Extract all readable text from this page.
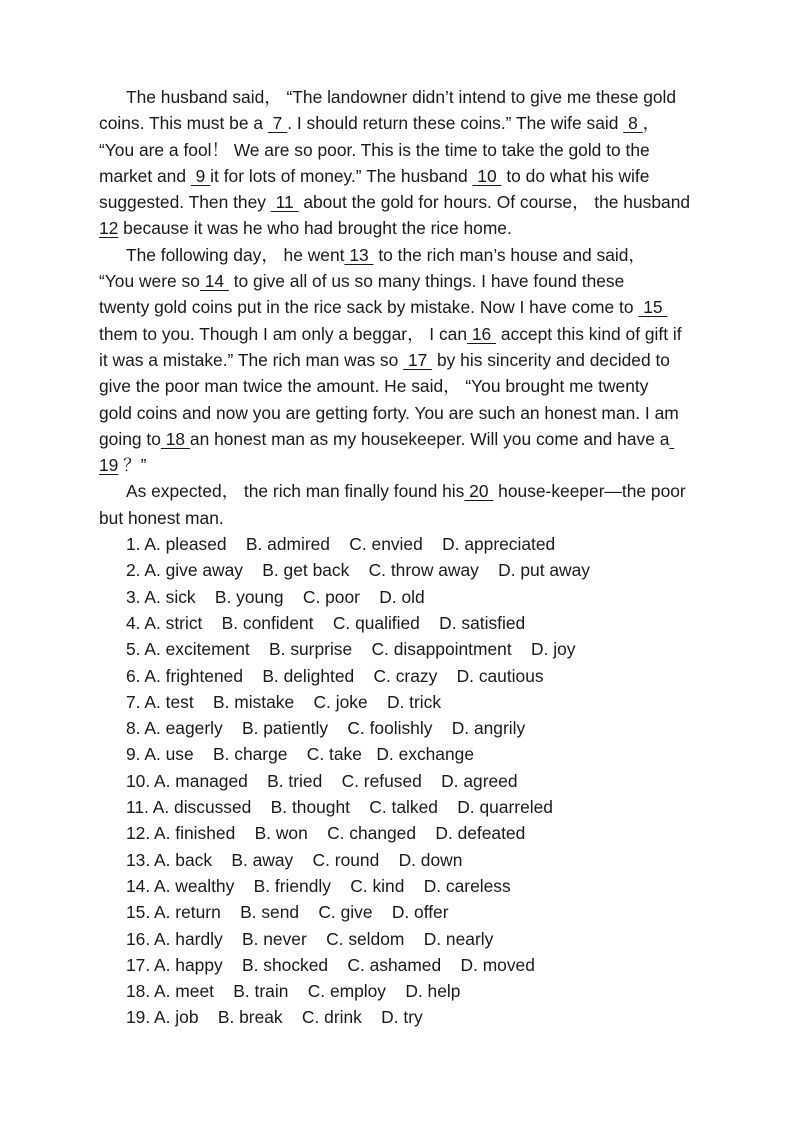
The husband said， “The landowner didn’t intend to give me these gold
coins. This must be a  7 . I should return these coins.” The wife said  8 ，
“You are a fool！ We are so poor. This is the time to take the gold to the
market and  9 it for lots of money.” The husband  10  to do what his wife
suggested. Then they  11  about the gold for hours. Of course， the husband
12 because it was he who had brought the rice home.
The following day， he went 13  to the rich man’s house and said，
“You were so 14  to give all of us so many things. I have found these
twenty gold coins put in the rice sack by mistake. Now I have come to  15
them to you. Though I am only a beggar， I can 16  accept this kind of gift if
it was a mistake.” The rich man was so  17  by his sincerity and decided to
give the poor man twice the amount. He said， “You brought me twenty
gold coins and now you are getting forty. You are such an honest man. I am
going to 18 an honest man as my housekeeper. Will you come and have a
19 ？”
As expected， the rich man finally found his 20  house-keeper—the poor
but honest man.
1. A. pleased    B. admired    C. envied    D. appreciated
2. A. give away    B. get back    C. throw away    D. put away
3. A. sick    B. young    C. poor    D. old
4. A. strict    B. confident    C. qualified    D. satisfied
5. A. excitement    B. surprise    C. disappointment    D. joy
6. A. frightened    B. delighted    C. crazy    D. cautious
7. A. test    B. mistake    C. joke    D. trick
8. A. eagerly    B. patiently    C. foolishly    D. angrily
9. A. use    B. charge    C. take   D. exchange
10. A. managed    B. tried    C. refused    D. agreed
11. A. discussed    B. thought    C. talked    D. quarreled
12. A. finished    B. won    C. changed    D. defeated
13. A. back    B. away    C. round    D. down
14. A. wealthy    B. friendly    C. kind    D. careless
15. A. return    B. send    C. give    D. offer
16. A. hardly    B. never    C. seldom    D. nearly
17. A. happy    B. shocked    C. ashamed    D. moved
18. A. meet    B. train    C. employ    D. help
19. A. job    B. break    C. drink    D. try
